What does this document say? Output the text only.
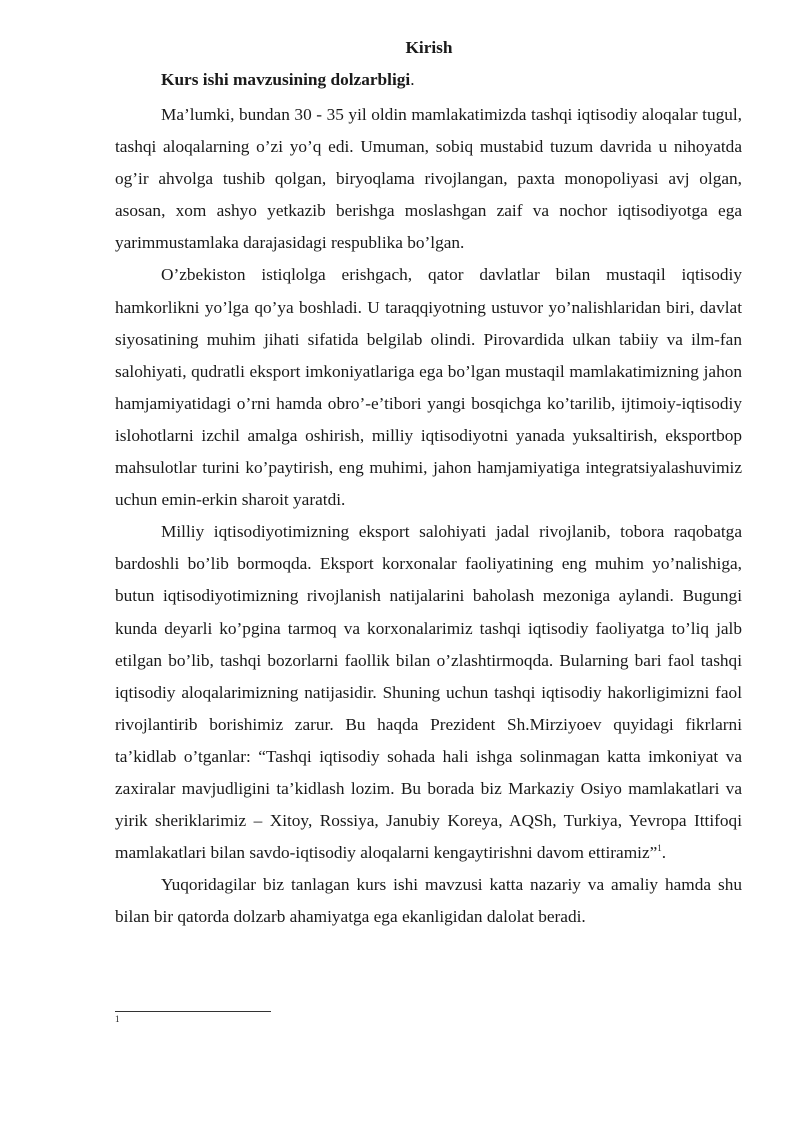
Kirish
Kurs ishi mavzusining dolzarbligi.

Ma’lumki, bundan 30 - 35 yil oldin mamlakatimizda tashqi iqtisodiy aloqalar tugul, tashqi aloqalarning o’zi yo’q edi. Umuman, sobiq mustabid tuzum davrida u nihoyatda og’ir ahvolga tushib qolgan, biryoqlama rivojlangan, paxta monopoliyasi avj olgan, asosan, xom ashyo yetkazib berishga moslashgan zaif va nochor iqtisodiyotga ega yarimmustamlaka darajasidagi respublika bo’lgan.

O’zbekiston istiqlolga erishgach, qator davlatlar bilan mustaqil iqtisodiy hamkorlikni yo’lga qo’ya boshladi. U taraqqiyotning ustuvor yo’nalishlaridan biri, davlat siyosatining muhim jihati sifatida belgilab olindi. Pirovardida ulkan tabiiy va ilm-fan salohiyati, qudratli eksport imkoniyatlariga ega bo’lgan mustaqil mamlakatimizning jahon hamjamiyatidagi o’rni hamda obro’-e’tibori yangi bosqichga ko’tarilib, ijtimoiy-iqtisodiy islohotlarni izchil amalga oshirish, milliy iqtisodiyotni yanada yuksaltirish, eksportbop mahsulotlar turini ko’paytirish, eng muhimi, jahon hamjamiyatiga integratsiyalashuvimiz uchun emin-erkin sharoit yaratdi.

Milliy iqtisodiyotimizning eksport salohiyati jadal rivojlanib, tobora raqobatga bardoshli bo’lib bormoqda. Eksport korxonalar faoliyatining eng muhim yo’nalishiga, butun iqtisodiyotimizning rivojlanish natijalarini baholash mezoniga aylandi. Bugungi kunda deyarli ko’pgina tarmoq va korxonalarimiz tashqi iqtisodiy faoliyatga to’liq jalb etilgan bo’lib, tashqi bozorlarni faollik bilan o’zlashtirmoqda. Bularning bari faol tashqi iqtisodiy aloqalarimizning natijasidir. Shuning uchun tashqi iqtisodiy hakorligimizni faol rivojlantirib borishimiz zarur. Bu haqda Prezident Sh.Mirziyoev quyidagi fikrlarni ta’kidlab o’tganlar: “Tashqi iqtisodiy sohada hali ishga solinmagan katta imkoniyat va zaxiralar mavjudligini ta’kidlash lozim. Bu borada biz Markaziy Osiyo mamlakatlari va yirik sheriklarimiz – Xitoy, Rossiya, Janubiy Koreya, AQSh, Turkiya, Yevropa Ittifoqi mamlakatlari bilan savdo-iqtisodiy aloqalarni kengaytirishni davom ettiramiz”$^1$.

Yuqoridagilar biz tanlagan kurs ishi mavzusi katta nazariy va amaliy hamda shu bilan bir qatorda dolzarb ahamiyatga ega ekanligidan dalolat beradi.

1
